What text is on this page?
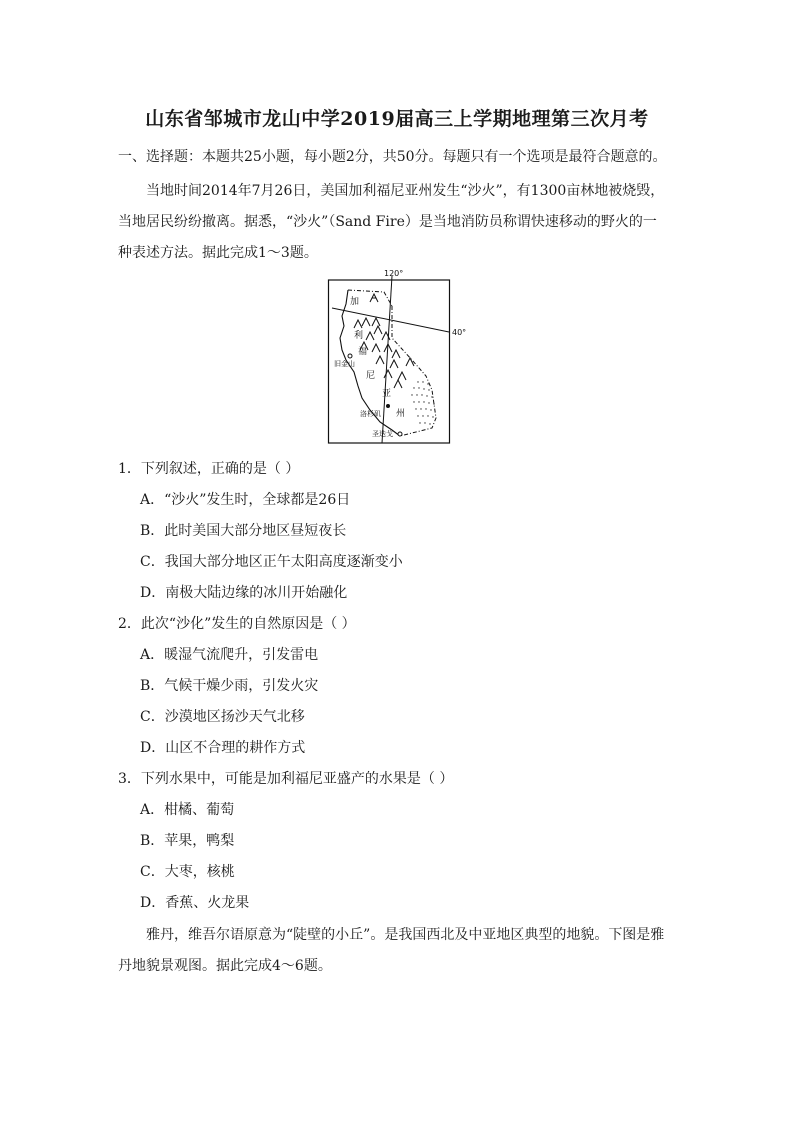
山东省邹城市龙山中学2019届高三上学期地理第三次月考
一、选择题：本题共25小题，每小题2分，共50分。每题只有一个选项是最符合题意的。
当地时间2014年7月26日，美国加利福尼亚州发生“沙火”，有1300亩林地被烧毁，
当地居民纷纷撤离。据悉，“沙火”（Sand Fire）是当地消防员称谓快速移动的野火的一
种表述方法。据此完成1～3题。
120°
40°
加
利
福
尼
亚
州
旧金山
洛杉矶
圣迭戈
1．下列叙述，正确的是（ ）
A．“沙火”发生时，全球都是26日
B．此时美国大部分地区昼短夜长
C．我国大部分地区正午太阳高度逐渐变小
D．南极大陆边缘的冰川开始融化
2．此次“沙化”发生的自然原因是（ ）
A．暖湿气流爬升，引发雷电
B．气候干燥少雨，引发火灾
C．沙漠地区扬沙天气北移
D．山区不合理的耕作方式
3．下列水果中，可能是加利福尼亚盛产的水果是（ ）
A．柑橘、葡萄
B．苹果，鸭梨
C．大枣，核桃
D．香蕉、火龙果
雅丹，维吾尔语原意为“陡壁的小丘”。是我国西北及中亚地区典型的地貌。下图是雅
丹地貌景观图。据此完成4～6题。
